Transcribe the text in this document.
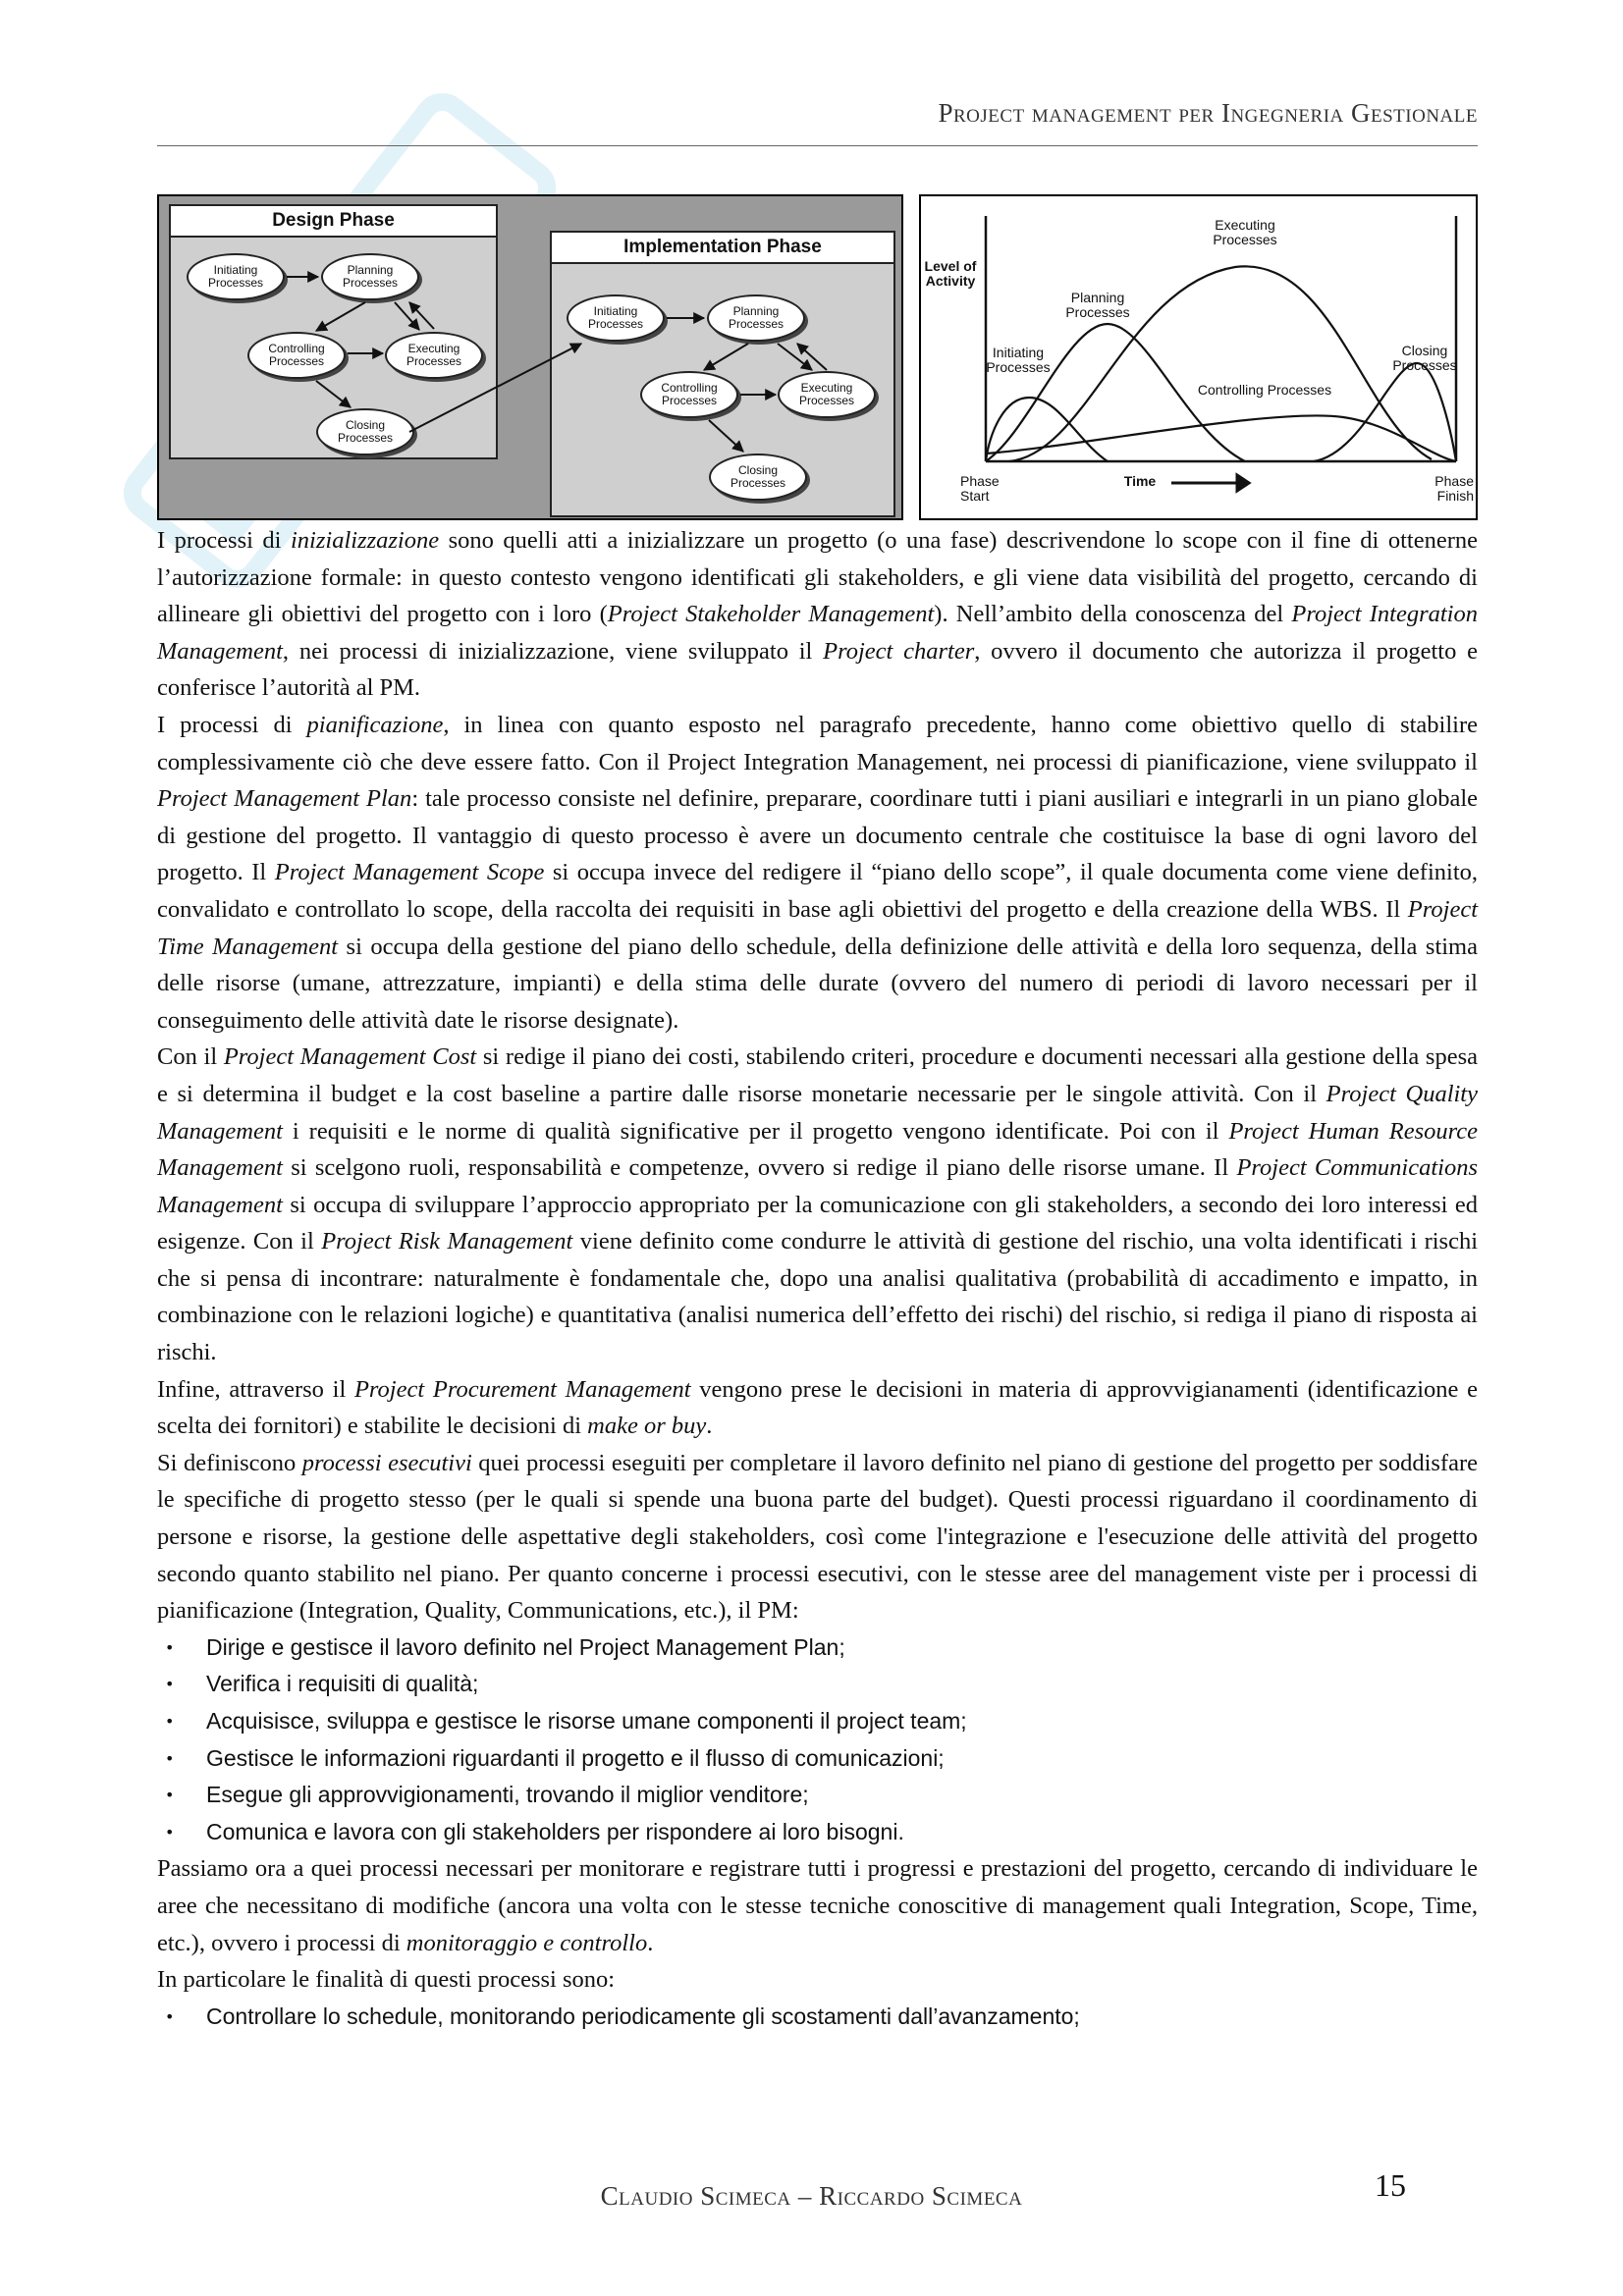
Project management per Ingegneria Gestionale
Design Phase
Initiating Processes
Planning Processes
Controlling Processes
Executing Processes
Closing Processes
Implementation Phase
Initiating Processes
Planning Processes
Controlling Processes
Executing Processes
Closing Processes
Level of Activity
Executing Processes
Planning Processes
Initiating Processes
Closing Processes
Controlling Processes
Phase Start
Time	Phase Finish

I processi di inizializzazione sono quelli atti a inizializzare un progetto (o una fase) descrivendone lo scope con il fine di ottenerne l’autorizzazione formale: in questo contesto vengono identificati gli stakeholders, e gli viene data visibilità del progetto, cercando di allineare gli obiettivi del progetto con i loro (Project Stakeholder Management). Nell’ambito della conoscenza del Project Integration Management, nei processi di inizializzazione, viene sviluppato il Project charter, ovvero il documento che autorizza il progetto e conferisce l’autorità al PM.

I processi di pianificazione, in linea con quanto esposto nel paragrafo precedente, hanno come obiettivo quello di stabilire complessivamente ciò che deve essere fatto. Con il Project Integration Management, nei processi di pianificazione, viene sviluppato il Project Management Plan: tale processo consiste nel definire, preparare, coordinare tutti i piani ausiliari e integrarli in un piano globale di gestione del progetto. Il vantaggio di questo processo è avere un documento centrale che costituisce la base di ogni lavoro del progetto. Il Project Management Scope si occupa invece del redigere il “piano dello scope”, il quale documenta come viene definito, convalidato e controllato lo scope, della raccolta dei requisiti in base agli obiettivi del progetto e della creazione della WBS. Il Project Time Management si occupa della gestione del piano dello schedule, della definizione delle attività e della loro sequenza, della stima delle risorse (umane, attrezzature, impianti) e della stima delle durate (ovvero del numero di periodi di lavoro necessari per il conseguimento delle attività date le risorse designate).

Con il Project Management Cost si redige il piano dei costi, stabilendo criteri, procedure e documenti necessari alla gestione della spesa e si determina il budget e la cost baseline a partire dalle risorse monetarie necessarie per le singole attività. Con il Project Quality Management i requisiti e le norme di qualità significative per il progetto vengono identificate. Poi con il Project Human Resource Management si scelgono ruoli, responsabilità e competenze, ovvero si redige il piano delle risorse umane. Il Project Communications Management si occupa di sviluppare l’approccio appropriato per la comunicazione con gli stakeholders, a secondo dei loro interessi ed esigenze. Con il Project Risk Management viene definito come condurre le attività di gestione del rischio, una volta identificati i rischi che si pensa di incontrare: naturalmente è fondamentale che, dopo una analisi qualitativa (probabilità di accadimento e impatto, in combinazione con le relazioni logiche) e quantitativa (analisi numerica dell’effetto dei rischi) del rischio, si rediga il piano di risposta ai rischi.

Infine, attraverso il Project Procurement Management vengono prese le decisioni in materia di approvvigianamenti (identificazione e scelta dei fornitori) e stabilite le decisioni di make or buy.

Si definiscono processi esecutivi quei processi eseguiti per completare il lavoro definito nel piano di gestione del progetto per soddisfare le specifiche di progetto stesso (per le quali si spende una buona parte del budget). Questi processi riguardano il coordinamento di persone e risorse, la gestione delle aspettative degli stakeholders, così come l'integrazione e l'esecuzione delle attività del progetto secondo quanto stabilito nel piano. Per quanto concerne i processi esecutivi, con le stesse aree del management viste per i processi di pianificazione (Integration, Quality, Communications, etc.), il PM:

•
Dirige e gestisce il lavoro definito nel Project Management Plan;
•
Verifica i requisiti di qualità;
•
Acquisisce, sviluppa e gestisce le risorse umane componenti il project team;
•
Gestisce le informazioni riguardanti il progetto e il flusso di comunicazioni;
•
Esegue gli approvvigionamenti, trovando il miglior venditore;
•
Comunica e lavora con gli stakeholders per rispondere ai loro bisogni.

Passiamo ora a quei processi necessari per monitorare e registrare tutti i progressi e prestazioni del progetto, cercando di individuare le aree che necessitano di modifiche (ancora una volta con le stesse tecniche conoscitive di management quali Integration, Scope, Time, etc.), ovvero i processi di monitoraggio e controllo.

In particolare le finalità di questi processi sono:

•
Controllare lo schedule, monitorando periodicamente gli scostamenti dall’avanzamento;
Claudio Scimeca – Riccardo Scimeca	15
